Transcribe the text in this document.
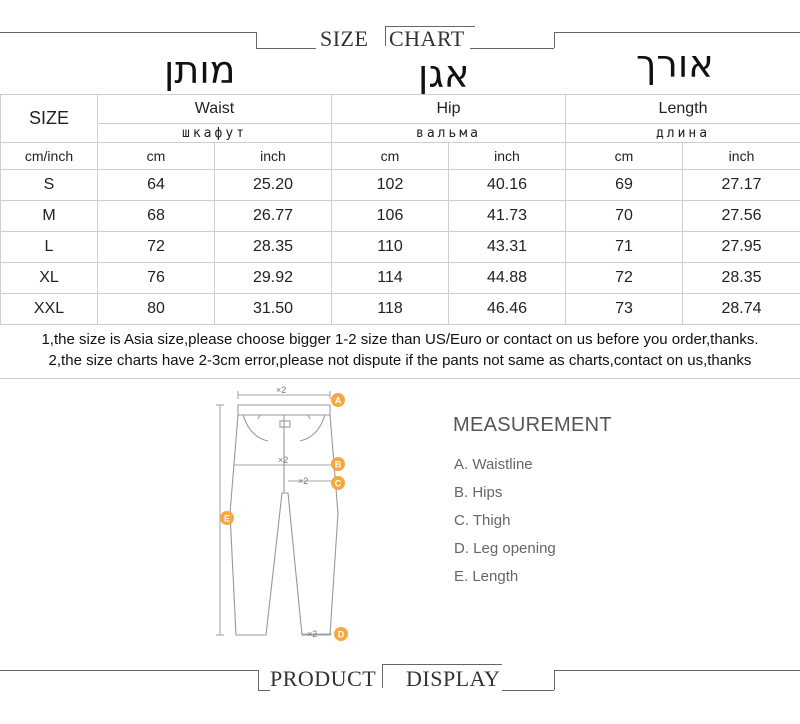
SIZE CHART
מותן	אגן	אורך
SIZE	Waist		Hip		Length	
	шкафут		вальма		длина	
cm/inch	cm	inch	cm	inch	cm	inch
S	64	25.20	102	40.16	69	27.17
M	68	26.77	106	41.73	70	27.56
L	72	28.35	110	43.31	71	27.95
XL	76	29.92	114	44.88	72	28.35
XXL	80	31.50	118	46.46	73	28.74
1,the size is Asia size,please choose bigger 1-2 size than US/Euro or contact on us before you order,thanks.
2,the size charts have 2-3cm error,please not dispute if the pants not same as charts,contact on us,thanks
×2
×2
×2
×2
A
B
C
D
E
MEASUREMENT
A. Waistline
B. Hips
C. Thigh
D. Leg opening
E. Length
PRODUCT DISPLAY
